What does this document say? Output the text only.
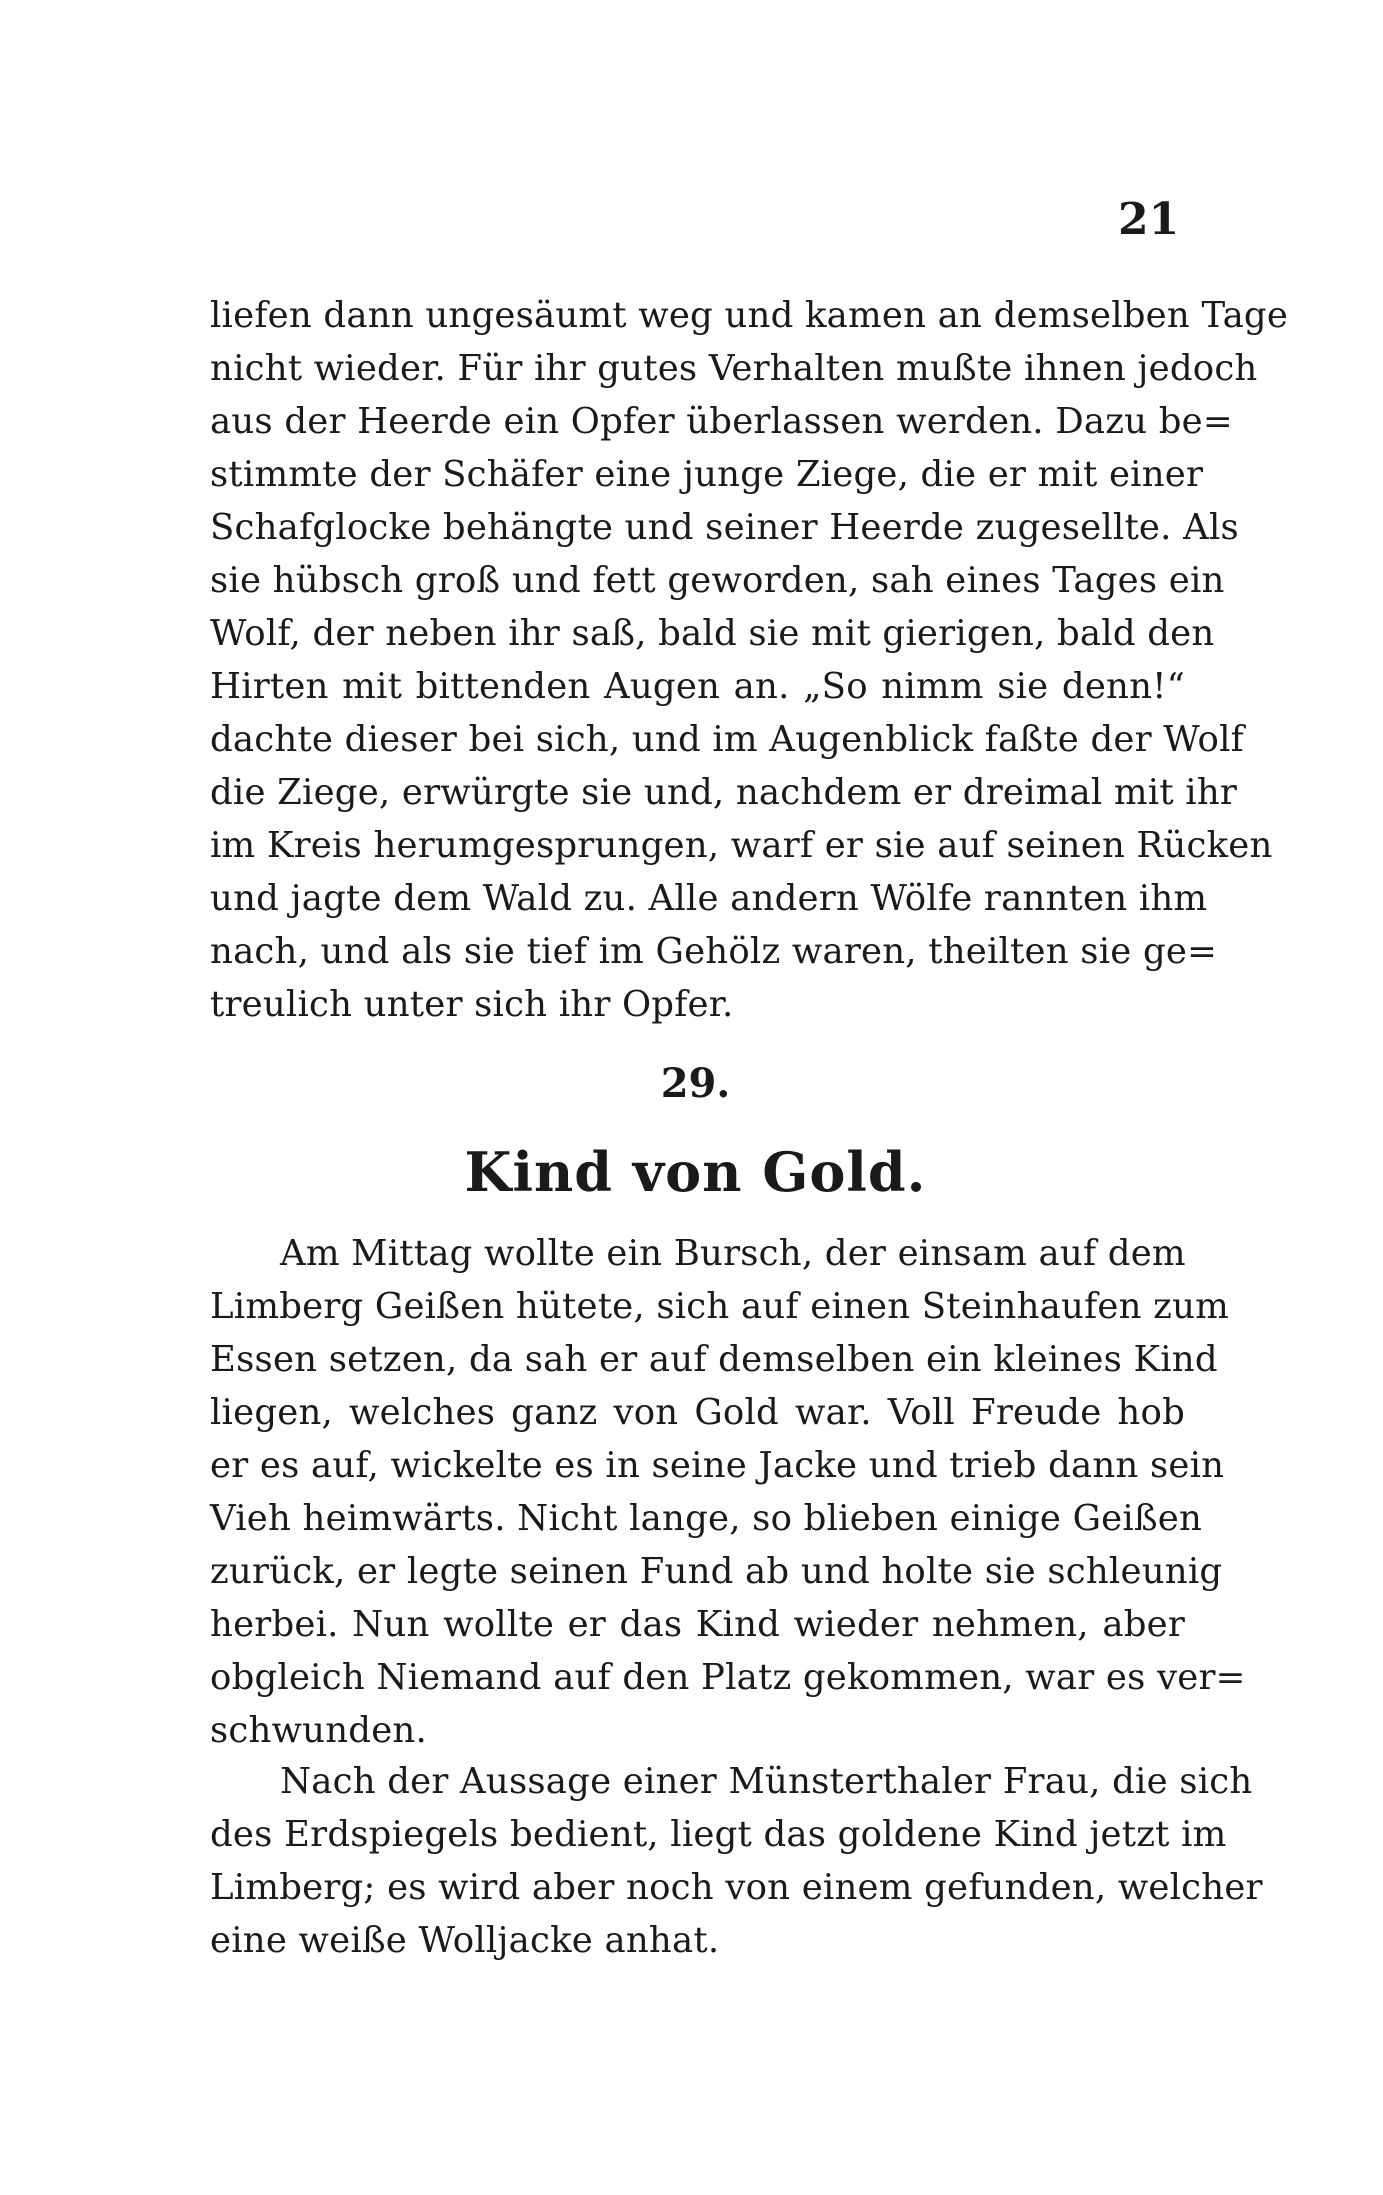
21
liefen dann ungesäumt weg und kamen an demselben Tage
nicht wieder. Für ihr gutes Verhalten mußte ihnen jedoch
aus der Heerde ein Opfer überlassen werden. Dazu be=
stimmte der Schäfer eine junge Ziege, die er mit einer
Schafglocke behängte und seiner Heerde zugesellte. Als
sie hübsch groß und fett geworden, sah eines Tages ein
Wolf, der neben ihr saß, bald sie mit gierigen, bald den
Hirten mit bittenden Augen an. „So nimm sie denn!“
dachte dieser bei sich, und im Augenblick faßte der Wolf
die Ziege, erwürgte sie und, nachdem er dreimal mit ihr
im Kreis herumgesprungen, warf er sie auf seinen Rücken
und jagte dem Wald zu. Alle andern Wölfe rannten ihm
nach, und als sie tief im Gehölz waren, theilten sie ge=
treulich unter sich ihr Opfer.
29.
Kind von Gold.
Am Mittag wollte ein Bursch, der einsam auf dem
Limberg Geißen hütete, sich auf einen Steinhaufen zum
Essen setzen, da sah er auf demselben ein kleines Kind
liegen, welches ganz von Gold war. Voll Freude hob
er es auf, wickelte es in seine Jacke und trieb dann sein
Vieh heimwärts. Nicht lange, so blieben einige Geißen
zurück, er legte seinen Fund ab und holte sie schleunig
herbei. Nun wollte er das Kind wieder nehmen, aber
obgleich Niemand auf den Platz gekommen, war es ver=
schwunden.
Nach der Aussage einer Münsterthaler Frau, die sich
des Erdspiegels bedient, liegt das goldene Kind jetzt im
Limberg; es wird aber noch von einem gefunden, welcher
eine weiße Wolljacke anhat.
